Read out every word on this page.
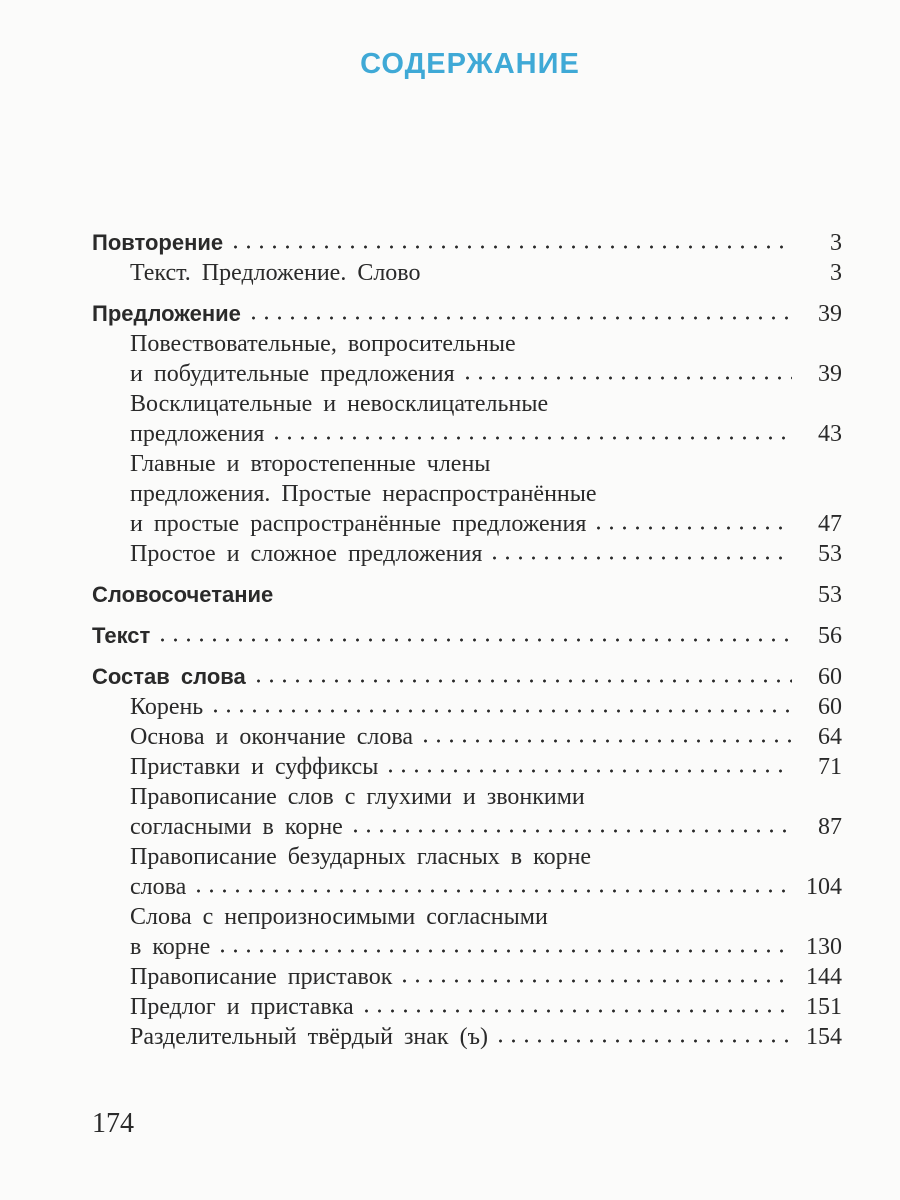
СОДЕРЖАНИЕ
Повторение	3
Текст. Предложение. Слово	3
Предложение	39
Повествовательные, вопросительные
и побудительные предложения	39
Восклицательные и невосклицательные
предложения	43
Главные и второстепенные члены
предложения. Простые нераспространённые
и простые распространённые предложения	47
Простое и сложное предложения	53
Словосочетание	53
Текст	56
Состав слова	60
Корень	60
Основа и окончание слова	64
Приставки и суффиксы	71
Правописание слов с глухими и звонкими
согласными в корне	87
Правописание безударных гласных в корне
слова	104
Слова с непроизносимыми согласными
в корне	130
Правописание приставок	144
Предлог и приставка	151
Разделительный твёрдый знак (ъ)	154
174
